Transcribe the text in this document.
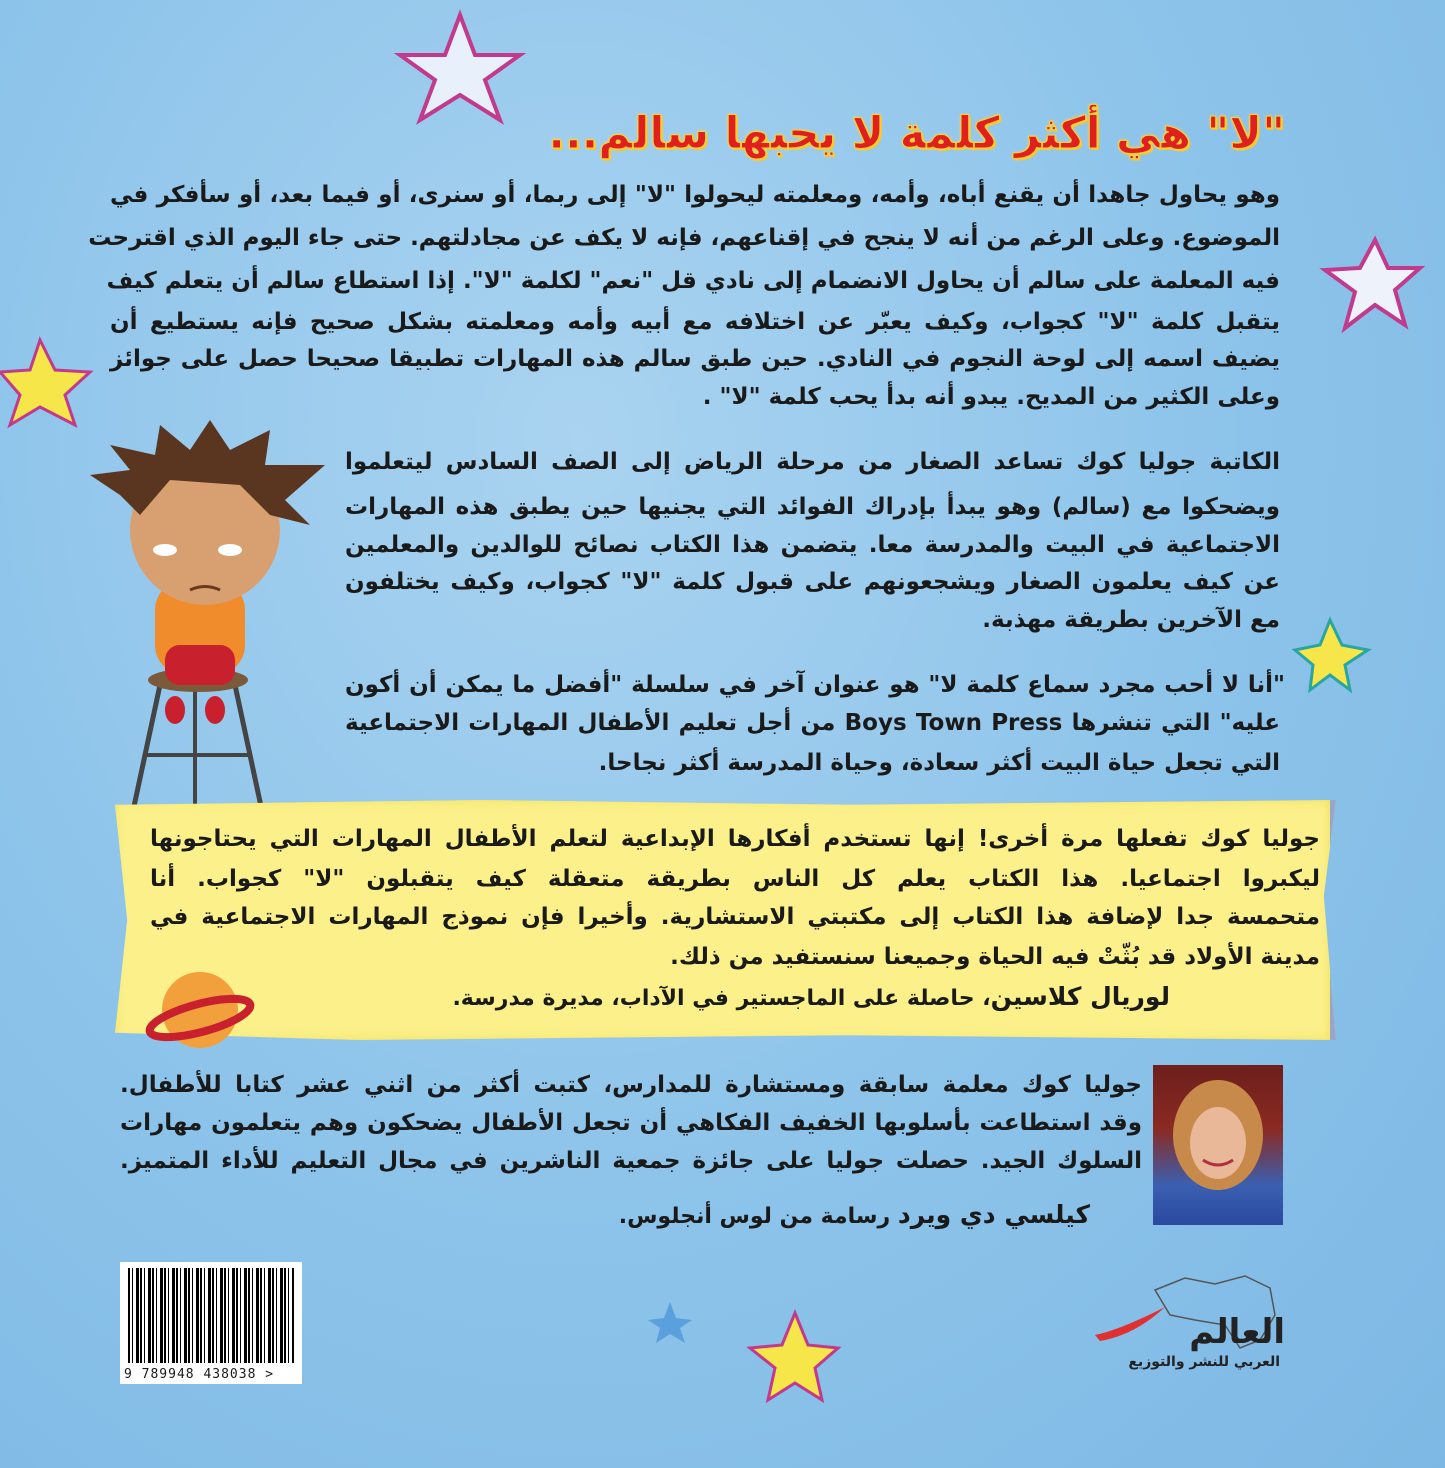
"لا" هي أكثر كلمة لا يحبها سالم...
وهو يحاول جاهدا أن يقنع أباه، وأمه، ومعلمته ليحولوا "لا" إلى ربما، أو سنرى، أو فيما بعد، أو سأفكر في
الموضوع. وعلى الرغم من أنه لا ينجح في إقناعهم، فإنه لا يكف عن مجادلتهم. حتى جاء اليوم الذي اقترحت
فيه المعلمة على سالم أن يحاول الانضمام إلى نادي قل "نعم" لكلمة "لا". إذا استطاع سالم أن يتعلم كيف
يتقبل كلمة "لا" كجواب، وكيف يعبّر عن اختلافه مع أبيه وأمه ومعلمته بشكل صحيح فإنه يستطيع أن
يضيف اسمه إلى لوحة النجوم في النادي. حين طبق سالم هذه المهارات تطبيقا صحيحا حصل على جوائز
وعلى الكثير من المديح. يبدو أنه بدأ يحب كلمة "لا" .
الكاتبة جوليا كوك تساعد الصغار من مرحلة الرياض إلى الصف السادس ليتعلموا
ويضحكوا مع (سالم) وهو يبدأ بإدراك الفوائد التي يجنيها حين يطبق هذه المهارات
الاجتماعية في البيت والمدرسة معا. يتضمن هذا الكتاب نصائح للوالدين والمعلمين
عن كيف يعلمون الصغار ويشجعونهم على قبول كلمة "لا" كجواب، وكيف يختلفون
مع الآخرين بطريقة مهذبة.
"أنا لا أحب مجرد سماع كلمة لا" هو عنوان آخر في سلسلة "أفضل ما يمكن أن أكون
عليه" التي تنشرها Boys Town Press من أجل تعليم الأطفال المهارات الاجتماعية
التي تجعل حياة البيت أكثر سعادة، وحياة المدرسة أكثر نجاحا.
جوليا كوك تفعلها مرة أخرى! إنها تستخدم أفكارها الإبداعية لتعلم الأطفال المهارات التي يحتاجونها
ليكبروا اجتماعيا. هذا الكتاب يعلم كل الناس بطريقة متعقلة كيف يتقبلون "لا" كجواب. أنا
متحمسة جدا لإضافة هذا الكتاب إلى مكتبتي الاستشارية. وأخيرا فإن نموذج المهارات الاجتماعية في
مدينة الأولاد قد بُثّتْ فيه الحياة وجميعنا سنستفيد من ذلك.
لوريال كلاسين، حاصلة على الماجستير في الآداب، مديرة مدرسة.
جوليا كوك معلمة سابقة ومستشارة للمدارس، كتبت أكثر من اثني عشر كتابا للأطفال.
وقد استطاعت بأسلوبها الخفيف الفكاهي أن تجعل الأطفال يضحكون وهم يتعلمون مهارات
السلوك الجيد. حصلت جوليا على جائزة جمعية الناشرين في مجال التعليم للأداء المتميز.
كيلسي دي ويرد رسامة من لوس أنجلوس.
9 789948 438038 >
العالم
العربي للنشر والتوزيع
